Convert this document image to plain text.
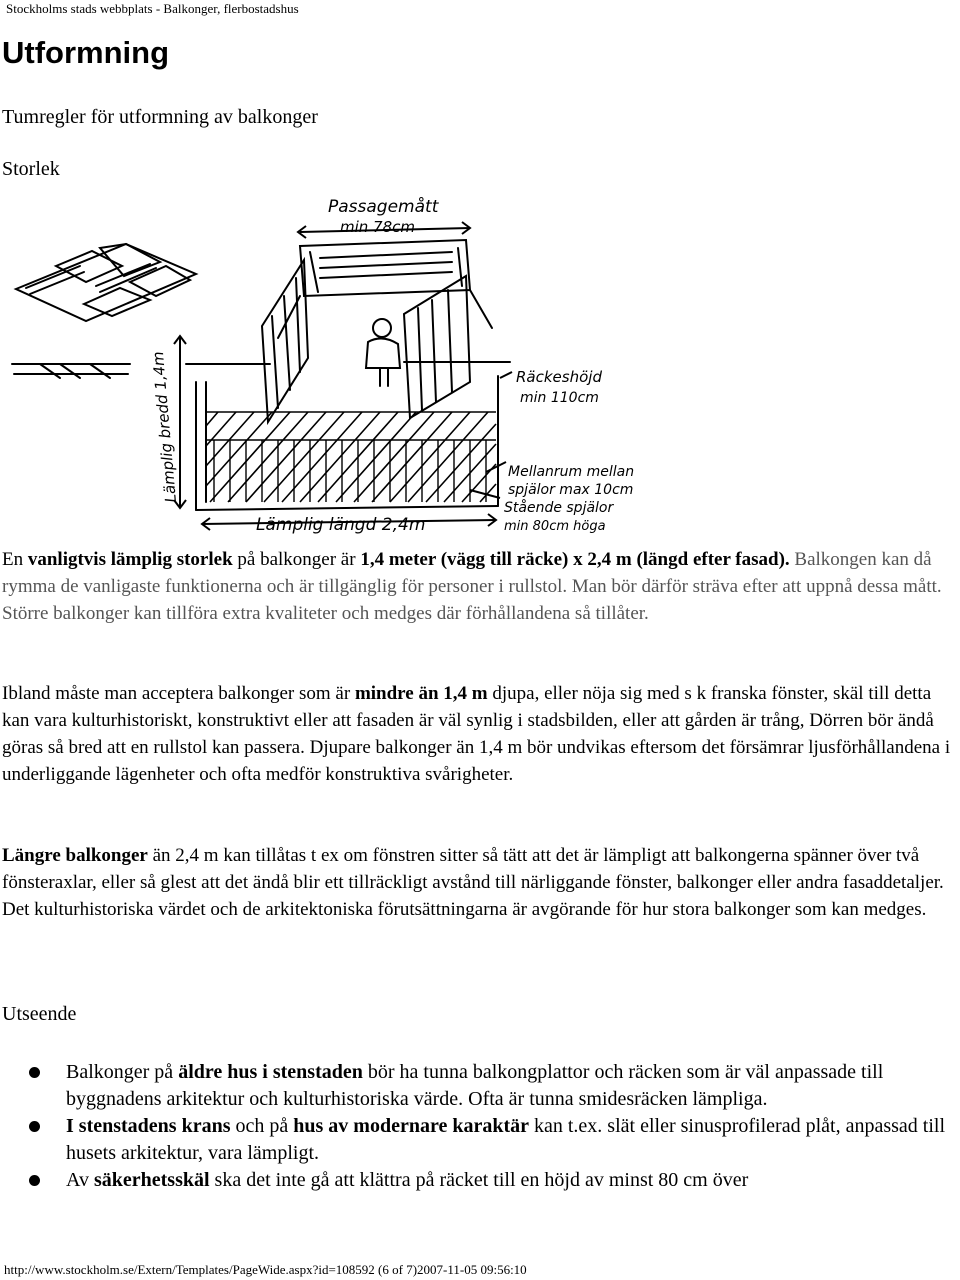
Stockholms stads webbplats - Balkonger, flerbostadshus
Utformning

Tumregler för utformning av balkonger

Storlek

Passagemått
min 78cm
Räckeshöjd
min 110cm
Lämplig bredd 1,4m
Lämplig längd 2,4m
Mellanrum mellan
spjälor max 10cm
Stående spjälor
min 80cm höga

En vanligtvis lämplig storlek på balkonger är 1,4 meter (vägg till räcke) x 2,4 m (längd efter fasad). Balkongen kan då rymma de vanligaste funktionerna och är tillgänglig för personer i rullstol. Man bör därför sträva efter att uppnå dessa mått. Större balkonger kan tillföra extra kvaliteter och medges där förhållandena så tillåter.

Ibland måste man acceptera balkonger som är mindre än 1,4 m djupa, eller nöja sig med s k franska fönster, skäl till detta kan vara kulturhistoriskt, konstruktivt eller att fasaden är väl synlig i stadsbilden, eller att gården är trång, Dörren bör ändå göras så bred att en rullstol kan passera. Djupare balkonger än 1,4 m bör undvikas eftersom det försämrar ljusförhållandena i underliggande lägenheter och ofta medför konstruktiva svårigheter.

Längre balkonger än 2,4 m kan tillåtas t ex om fönstren sitter så tätt att det är lämpligt att balkongerna spänner över två fönsteraxlar, eller så glest att det ändå blir ett tillräckligt avstånd till närliggande fönster, balkonger eller andra fasaddetaljer.
Det kulturhistoriska värdet och de arkitektoniska förutsättningarna är avgörande för hur stora balkonger som kan medges.

Utseende

Balkonger på äldre hus i stenstaden bör ha tunna balkongplattor och räcken som är väl anpassade till byggnadens arkitektur och kulturhistoriska värde. Ofta är tunna smidesräcken lämpliga.
I stenstadens krans och på hus av modernare karaktär kan t.ex. slät eller sinusprofilerad plåt, anpassad till husets arkitektur, vara lämpligt.
Av säkerhetsskäl ska det inte gå att klättra på räcket till en höjd av minst 80 cm över
http://www.stockholm.se/Extern/Templates/PageWide.aspx?id=108592 (6 of 7)2007-11-05 09:56:10
